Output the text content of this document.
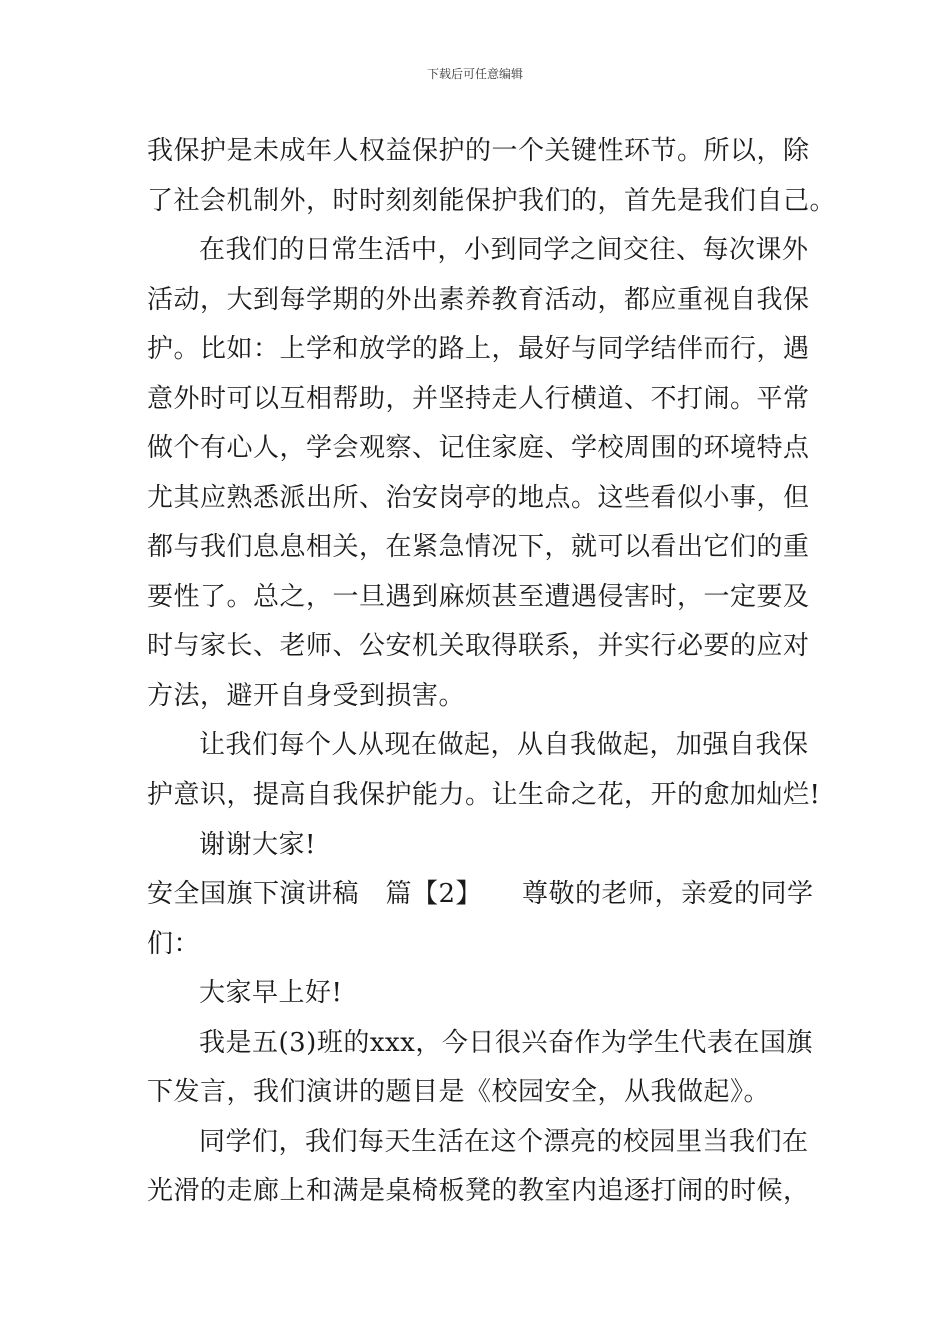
下载后可任意编辑
我保护是未成年人权益保护的一个关键性环节。所以，除
了社会机制外，时时刻刻能保护我们的，首先是我们自己。
在我们的日常生活中，小到同学之间交往、每次课外
活动，大到每学期的外出素养教育活动，都应重视自我保
护。比如：上学和放学的路上，最好与同学结伴而行，遇
意外时可以互相帮助，并坚持走人行横道、不打闹。平常
做个有心人，学会观察、记住家庭、学校周围的环境特点
尤其应熟悉派出所、治安岗亭的地点。这些看似小事，但
都与我们息息相关，在紧急情况下，就可以看出它们的重
要性了。总之，一旦遇到麻烦甚至遭遇侵害时，一定要及
时与家长、老师、公安机关取得联系，并实行必要的应对
方法，避开自身受到损害。
让我们每个人从现在做起，从自我做起，加强自我保
护意识，提高自我保护能力。让生命之花，开的愈加灿烂!
谢谢大家!
安全国旗下演讲稿　篇【2】　　尊敬的老师，亲爱的同学
们：
大家早上好!
我是五(3)班的xxx，今日很兴奋作为学生代表在国旗
下发言，我们演讲的题目是《校园安全，从我做起》。
同学们，我们每天生活在这个漂亮的校园里当我们在
光滑的走廊上和满是桌椅板凳的教室内追逐打闹的时候，
